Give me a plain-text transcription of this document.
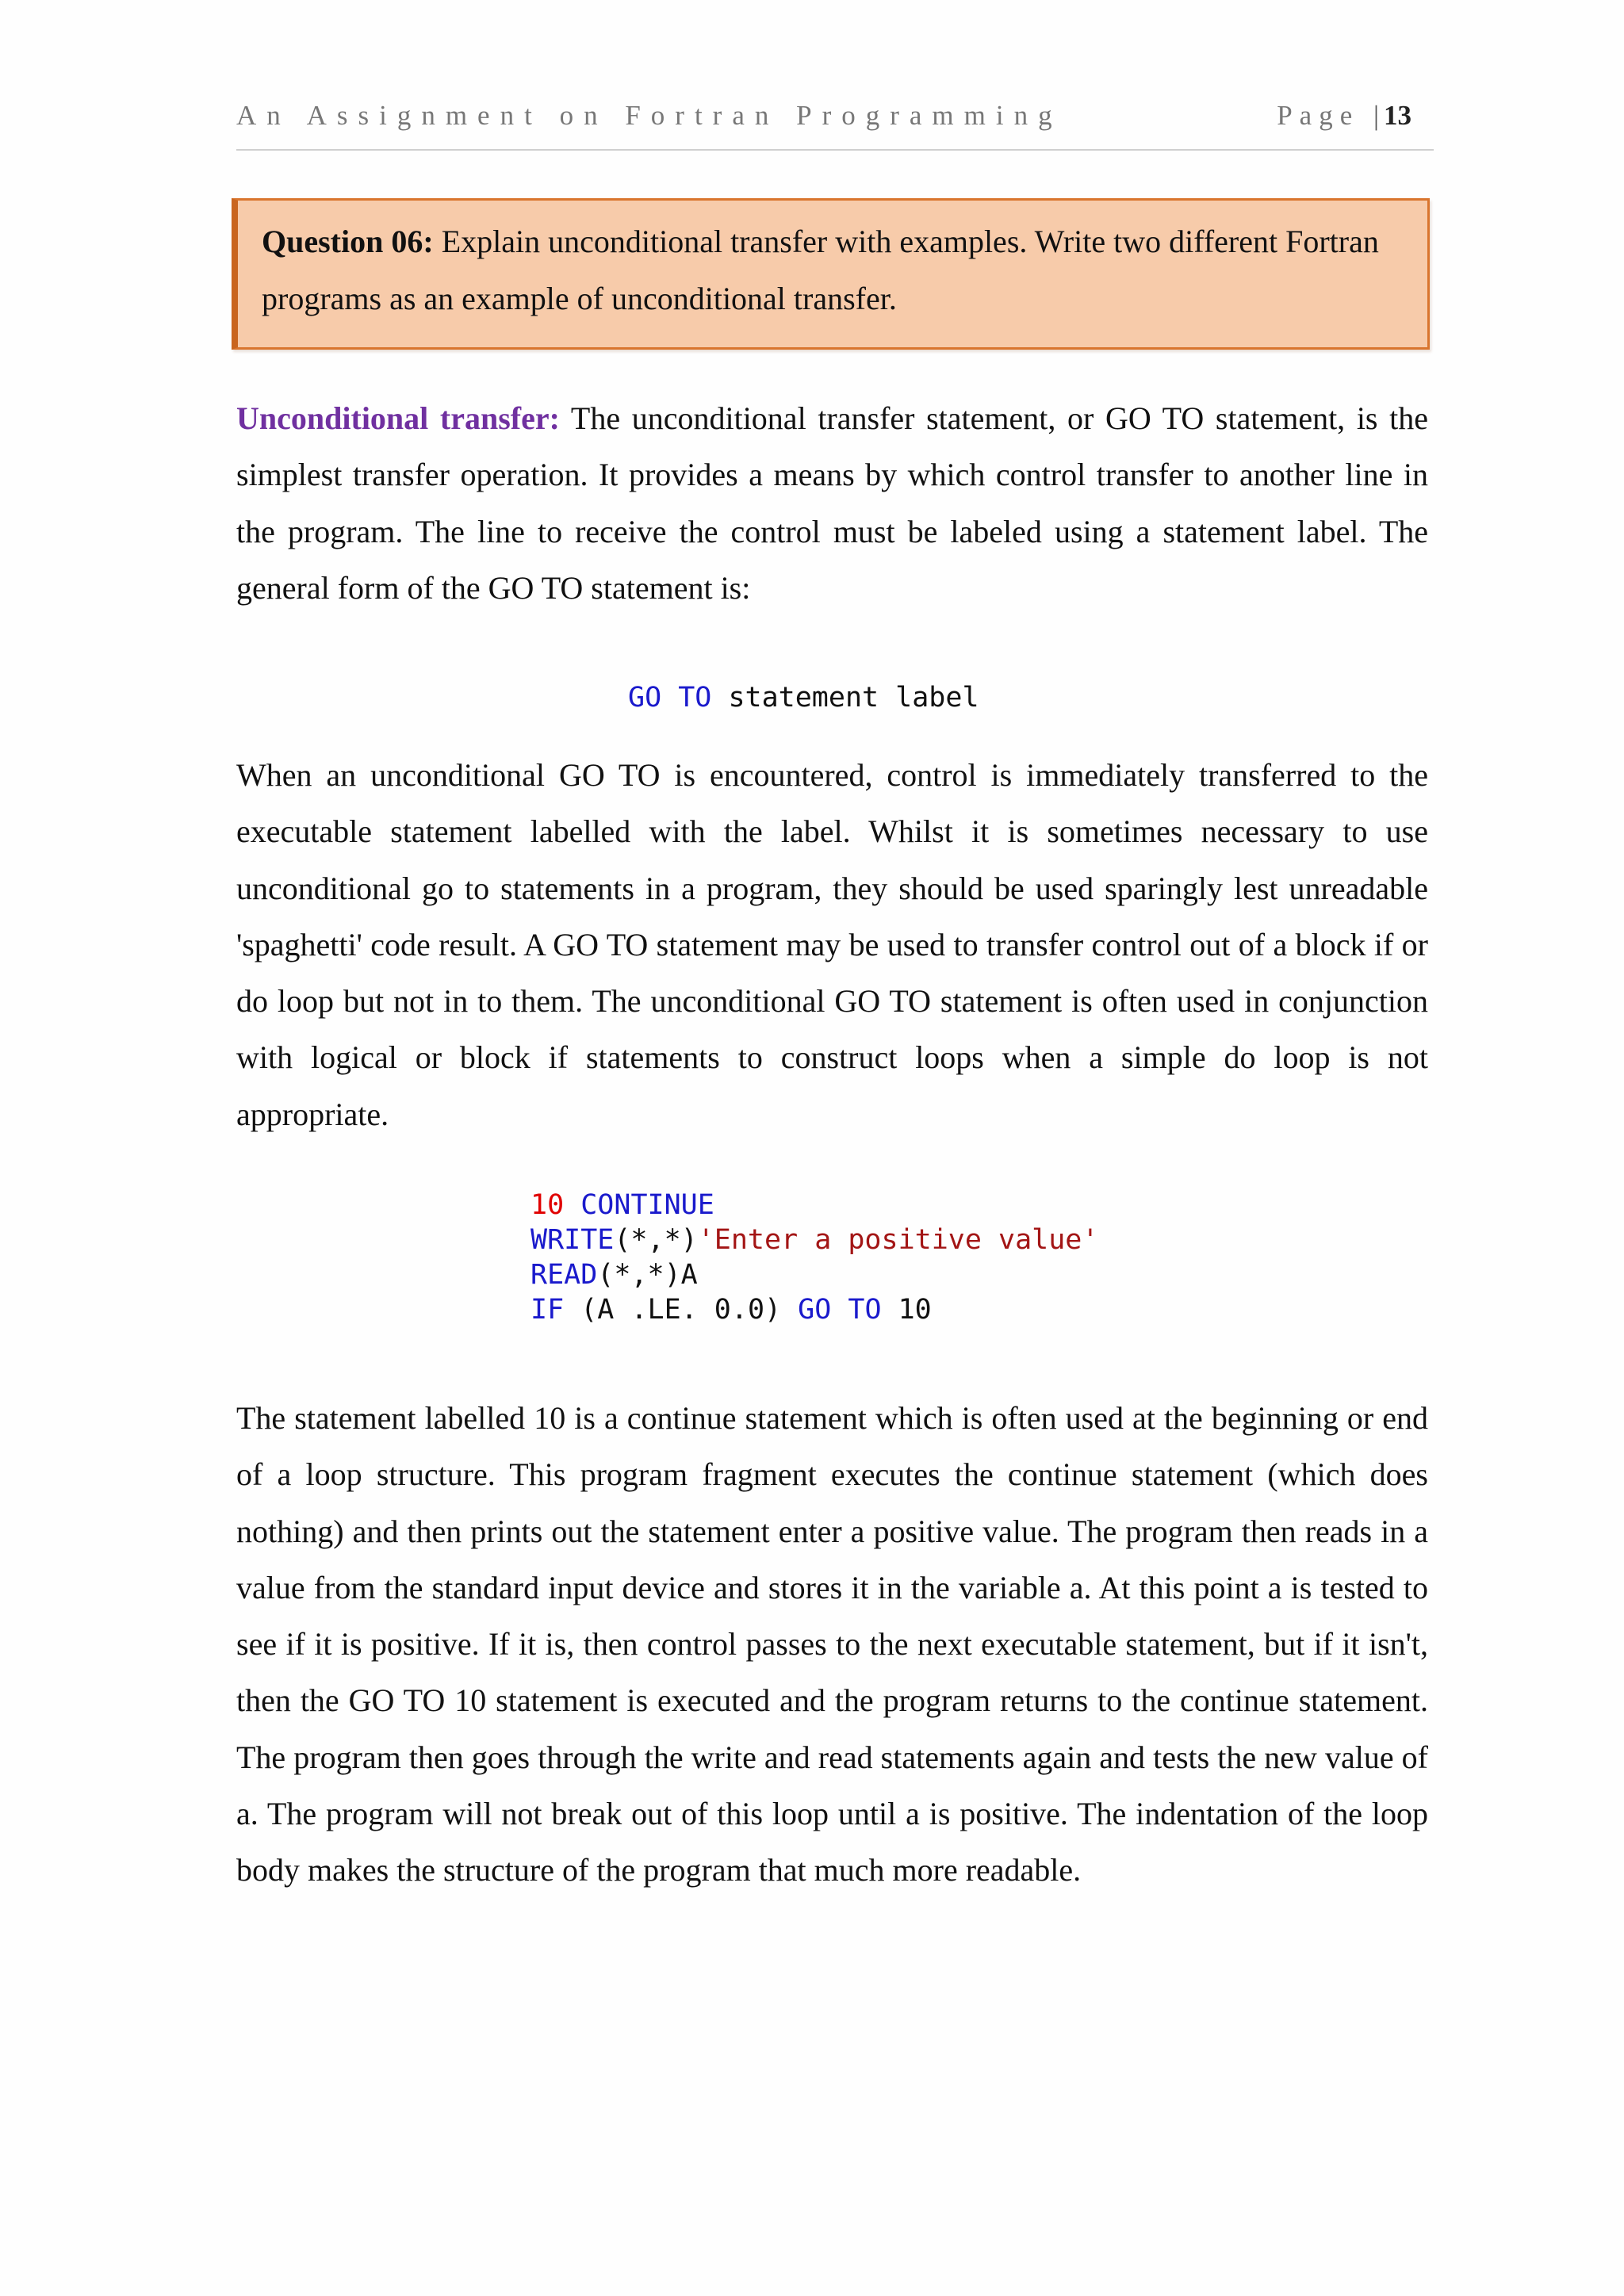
An Assignment on Fortran Programming	Page | 13
Question 06: Explain unconditional transfer with examples. Write two different Fortran programs as an example of unconditional transfer.
Unconditional transfer: The unconditional transfer statement, or GO TO statement, is the simplest transfer operation. It provides a means by which control transfer to another line in the program. The line to receive the control must be labeled using a statement label. The general form of the GO TO statement is:
GO TO statement label
When an unconditional GO TO is encountered, control is immediately transferred to the executable statement labelled with the label. Whilst it is sometimes necessary to use unconditional go to statements in a program, they should be used sparingly lest unreadable 'spaghetti' code result. A GO TO statement may be used to transfer control out of a block if or do loop but not in to them. The unconditional GO TO statement is often used in conjunction with logical or block if statements to construct loops when a simple do loop is not appropriate.
10 CONTINUE
WRITE(*,*)'Enter a positive value'
READ(*,*)A
IF (A .LE. 0.0) GO TO 10
The statement labelled 10 is a continue statement which is often used at the beginning or end of a loop structure. This program fragment executes the continue statement (which does nothing) and then prints out the statement enter a positive value. The program then reads in a value from the standard input device and stores it in the variable a. At this point a is tested to see if it is positive. If it is, then control passes to the next executable statement, but if it isn't, then the GO TO 10 statement is executed and the program returns to the continue statement. The program then goes through the write and read statements again and tests the new value of a. The program will not break out of this loop until a is positive. The indentation of the loop body makes the structure of the program that much more readable.
